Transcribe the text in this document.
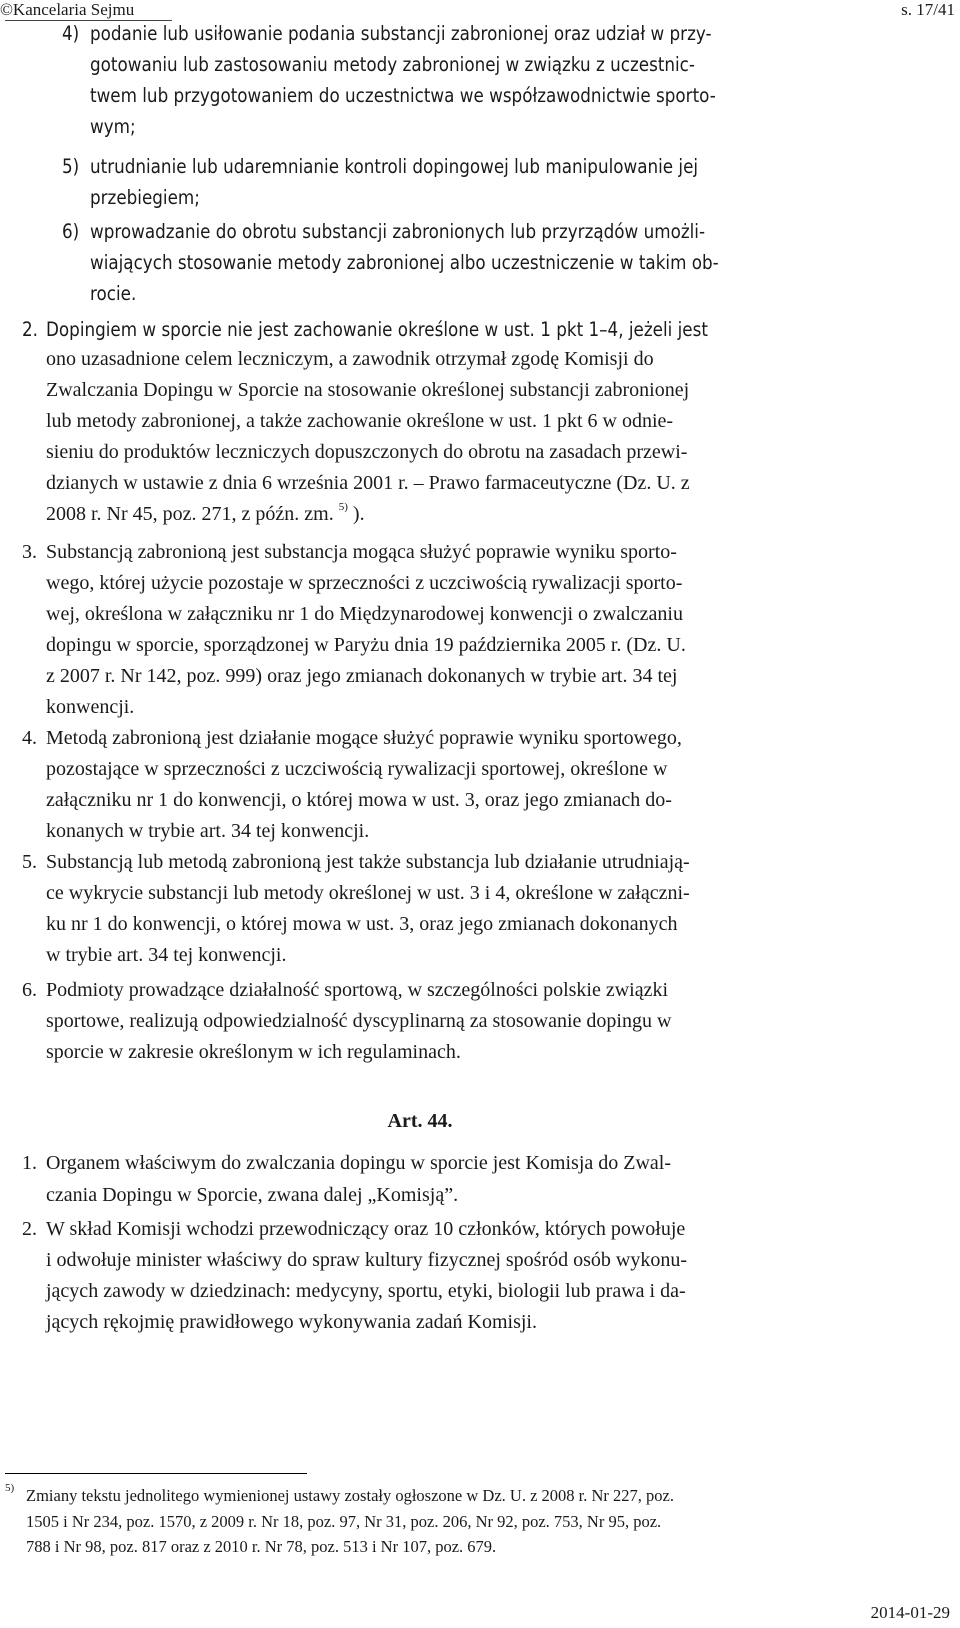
©Kancelaria Sejmu	s. 17/41
4) podanie lub usiłowanie podania substancji zabronionej oraz udział w przy-
gotowaniu lub zastosowaniu metody zabronionej w związku z uczestnic-
twem lub przygotowaniem do uczestnictwa we współzawodnictwie sporto-
wym;
5) utrudnianie lub udaremnianie kontroli dopingowej lub manipulowanie jej
przebiegiem;
6) wprowadzanie do obrotu substancji zabronionych lub przyrządów umożli-
wiających stosowanie metody zabronionej albo uczestniczenie w takim ob-
rocie.
2. Dopingiem w sporcie nie jest zachowanie określone w ust. 1 pkt 1–4, jeżeli jest
ono uzasadnione celem leczniczym, a zawodnik otrzymał zgodę Komisji do
Zwalczania Dopingu w Sporcie na stosowanie określonej substancji zabronionej
lub metody zabronionej, a także zachowanie określone w ust. 1 pkt 6 w odnie-
sieniu do produktów leczniczych dopuszczonych do obrotu na zasadach przewi-
dzianych w ustawie z dnia 6 września 2001 r. – Prawo farmaceutyczne (Dz. U. z
2008 r. Nr 45, poz. 271, z późn. zm. $^{5)}$ ).
3. Substancją zabronioną jest substancja mogąca służyć poprawie wyniku sporto-
wego, której użycie pozostaje w sprzeczności z uczciwością rywalizacji sporto-
wej, określona w załączniku nr 1 do Międzynarodowej konwencji o zwalczaniu
dopingu w sporcie, sporządzonej w Paryżu dnia 19 października 2005 r. (Dz. U.
z 2007 r. Nr 142, poz. 999) oraz jego zmianach dokonanych w trybie art. 34 tej
konwencji.
4. Metodą zabronioną jest działanie mogące służyć poprawie wyniku sportowego,
pozostające w sprzeczności z uczciwością rywalizacji sportowej, określone w
załączniku nr 1 do konwencji, o której mowa w ust. 3, oraz jego zmianach do-
konanych w trybie art. 34 tej konwencji.
5. Substancją lub metodą zabronioną jest także substancja lub działanie utrudniają-
ce wykrycie substancji lub metody określonej w ust. 3 i 4, określone w załączni-
ku nr 1 do konwencji, o której mowa w ust. 3, oraz jego zmianach dokonanych
w trybie art. 34 tej konwencji.
6. Podmioty prowadzące działalność sportową, w szczególności polskie związki
sportowe, realizują odpowiedzialność dyscyplinarną za stosowanie dopingu w
sporcie w zakresie określonym w ich regulaminach.
Art. 44.
1. Organem właściwym do zwalczania dopingu w sporcie jest Komisja do Zwal-
czania Dopingu w Sporcie, zwana dalej „Komisją”.
2. W skład Komisji wchodzi przewodniczący oraz 10 członków, których powołuje
i odwołuje minister właściwy do spraw kultury fizycznej spośród osób wykonu-
jących zawody w dziedzinach: medycyny, sportu, etyki, biologii lub prawa i da-
jących rękojmię prawidłowego wykonywania zadań Komisji.
5) Zmiany tekstu jednolitego wymienionej ustawy zostały ogłoszone w Dz. U. z 2008 r. Nr 227, poz.
1505 i Nr 234, poz. 1570, z 2009 r. Nr 18, poz. 97, Nr 31, poz. 206, Nr 92, poz. 753, Nr 95, poz.
788 i Nr 98, poz. 817 oraz z 2010 r. Nr 78, poz. 513 i Nr 107, poz. 679.
2014-01-29
